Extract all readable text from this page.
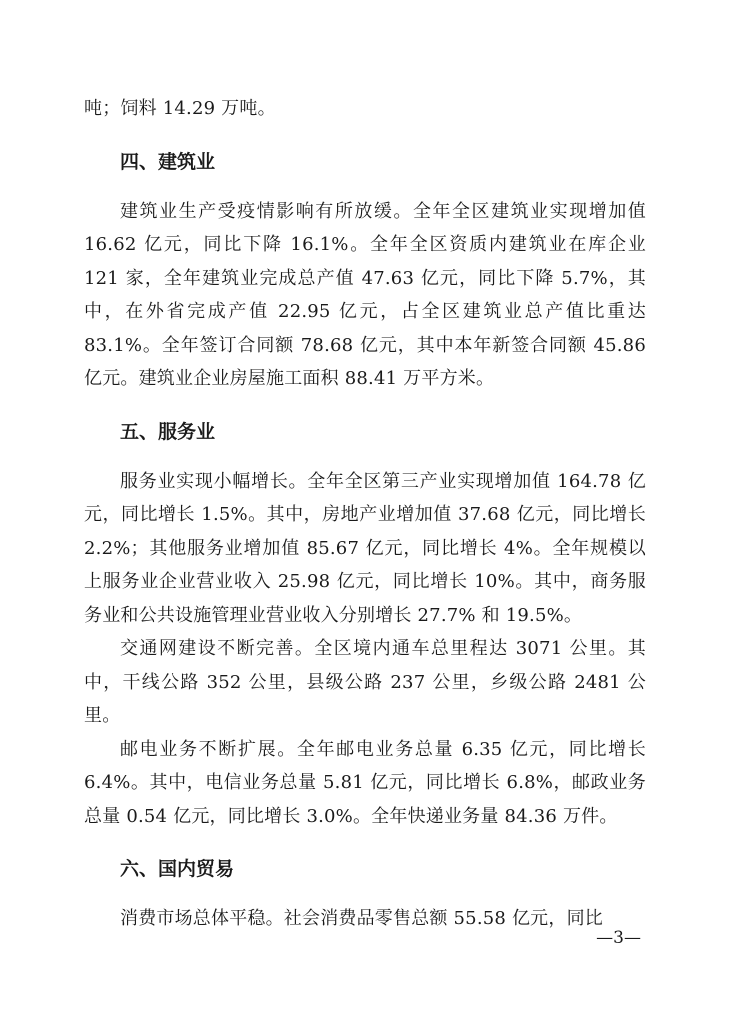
吨；饲料 14.29 万吨。

四、建筑业

建筑业生产受疫情影响有所放缓。全年全区建筑业实现增加值 16.62 亿元，同比下降 16.1%。全年全区资质内建筑业在库企业 121 家，全年建筑业完成总产值 47.63 亿元，同比下降 5.7%，其中，在外省完成产值 22.95 亿元，占全区建筑业总产值比重达 83.1%。全年签订合同额 78.68 亿元，其中本年新签合同额 45.86 亿元。建筑业企业房屋施工面积 88.41 万平方米。

五、服务业

服务业实现小幅增长。全年全区第三产业实现增加值 164.78 亿元，同比增长 1.5%。其中，房地产业增加值 37.68 亿元，同比增长 2.2%；其他服务业增加值 85.67 亿元，同比增长 4%。全年规模以上服务业企业营业收入 25.98 亿元，同比增长 10%。其中，商务服务业和公共设施管理业营业收入分别增长 27.7% 和 19.5%。

交通网建设不断完善。全区境内通车总里程达 3071 公里。其中，干线公路 352 公里，县级公路 237 公里，乡级公路 2481 公里。

邮电业务不断扩展。全年邮电业务总量 6.35 亿元，同比增长 6.4%。其中，电信业务总量 5.81 亿元，同比增长 6.8%，邮政业务总量 0.54 亿元，同比增长 3.0%。全年快递业务量 84.36 万件。

六、国内贸易

消费市场总体平稳。社会消费品零售总额 55.58 亿元，同比

—3—
